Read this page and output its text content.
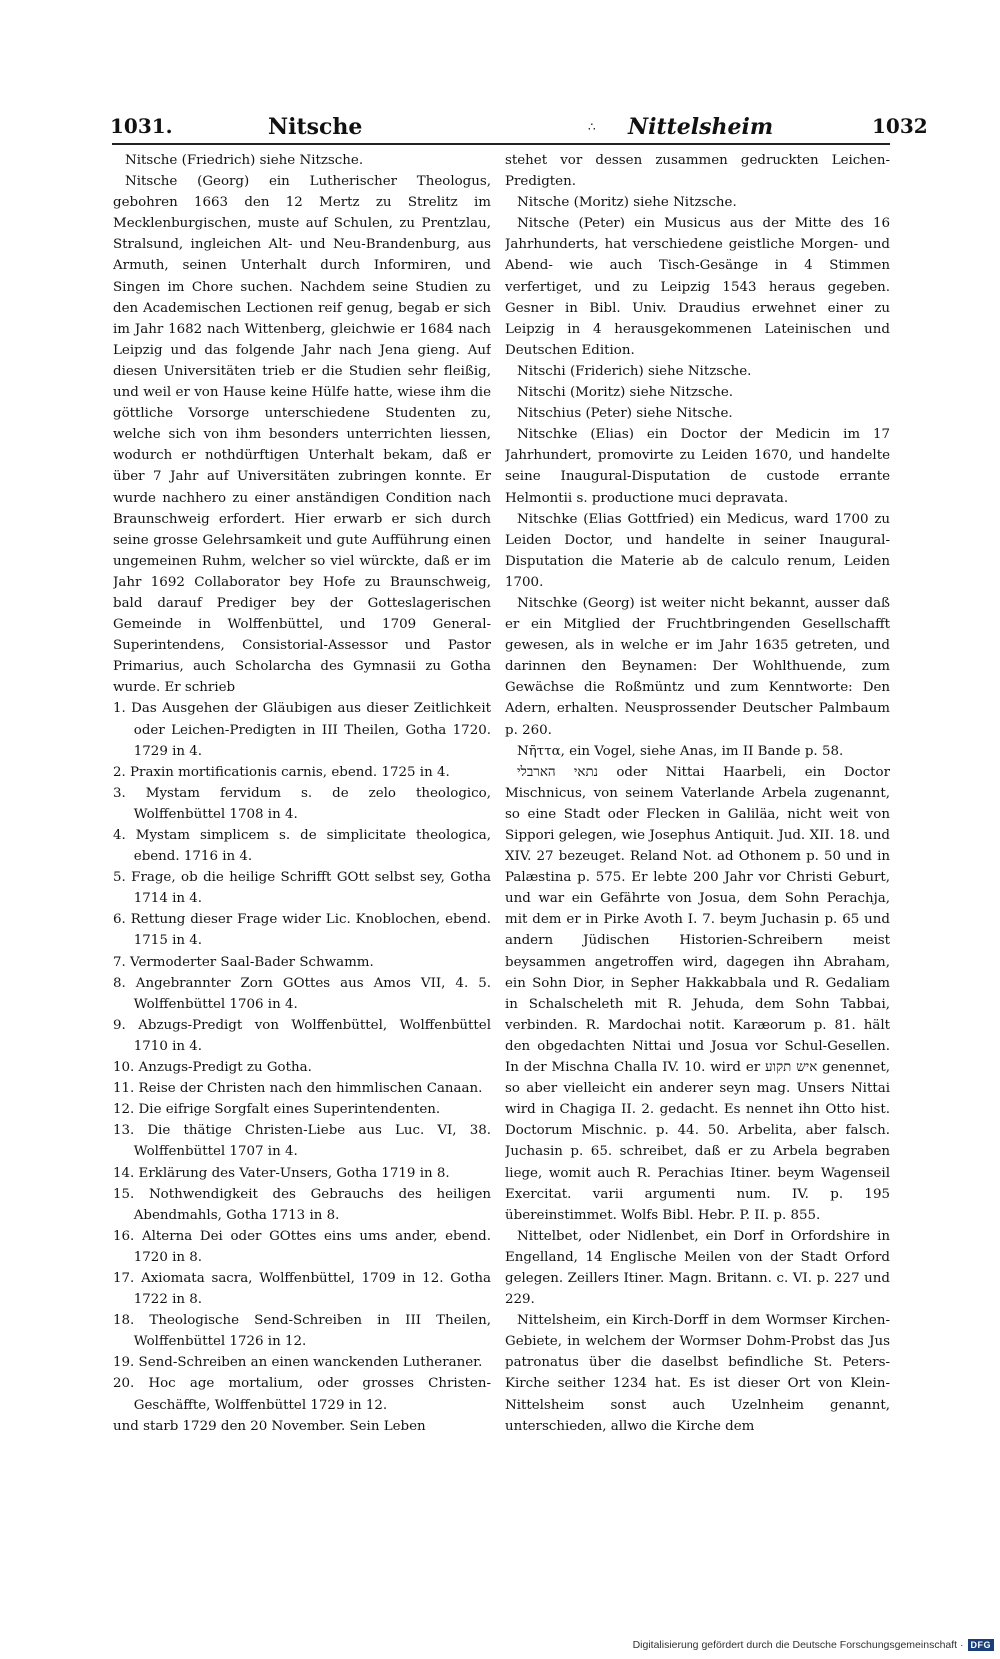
1031.	Nitsche	∴ Nittelsheim	1032

Nitsche (Friedrich) siehe Nitzsche.

Nitsche (Georg) ein Lutherischer Theologus, gebohren 1663 den 12 Mertz zu Strelitz im Mecklenburgischen, muste auf Schulen, zu Prentzlau, Stralsund, ingleichen Alt- und Neu-Brandenburg, aus Armuth, seinen Unterhalt durch Informiren, und Singen im Chore suchen. Nachdem seine Studien zu den Academischen Lectionen reif genug, begab er sich im Jahr 1682 nach Wittenberg, gleichwie er 1684 nach Leipzig und das folgende Jahr nach Jena gieng. Auf diesen Universitäten trieb er die Studien sehr fleißig, und weil er von Hause keine Hülfe hatte, wiese ihm die göttliche Vorsorge unterschiedene Studenten zu, welche sich von ihm besonders unterrichten liessen, wodurch er nothdürftigen Unterhalt bekam, daß er über 7 Jahr auf Universitäten zubringen konnte. Er wurde nachhero zu einer anständigen Condition nach Braunschweig erfordert. Hier erwarb er sich durch seine grosse Gelehrsamkeit und gute Aufführung einen ungemeinen Ruhm, welcher so viel würckte, daß er im Jahr 1692 Collaborator bey Hofe zu Braunschweig, bald darauf Prediger bey der Gotteslagerischen Gemeinde in Wolffenbüttel, und 1709 General-Superintendens, Consistorial-Assessor und Pastor Primarius, auch Scholarcha des Gymnasii zu Gotha wurde. Er schrieb

1. Das Ausgehen der Gläubigen aus dieser Zeitlichkeit oder Leichen-Predigten in III Theilen, Gotha 1720. 1729 in 4.

2. Praxin mortificationis carnis, ebend. 1725 in 4.

3. Mystam fervidum s. de zelo theologico, Wolffenbüttel 1708 in 4.

4. Mystam simplicem s. de simplicitate theologica, ebend. 1716 in 4.

5. Frage, ob die heilige Schrifft GOtt selbst sey, Gotha 1714 in 4.

6. Rettung dieser Frage wider Lic. Knoblochen, ebend. 1715 in 4.

7. Vermoderter Saal-Bader Schwamm.

8. Angebrannter Zorn GOttes aus Amos VII, 4. 5. Wolffenbüttel 1706 in 4.

9. Abzugs-Predigt von Wolffenbüttel, Wolffenbüttel 1710 in 4.

10. Anzugs-Predigt zu Gotha.

11. Reise der Christen nach den himmlischen Canaan.

12. Die eifrige Sorgfalt eines Superintendenten.

13. Die thätige Christen-Liebe aus Luc. VI, 38. Wolffenbüttel 1707 in 4.

14. Erklärung des Vater-Unsers, Gotha 1719 in 8.

15. Nothwendigkeit des Gebrauchs des heiligen Abendmahls, Gotha 1713 in 8.

16. Alterna Dei oder GOttes eins ums ander, ebend. 1720 in 8.

17. Axiomata sacra, Wolffenbüttel, 1709 in 12. Gotha 1722 in 8.

18. Theologische Send-Schreiben in III Theilen, Wolffenbüttel 1726 in 12.

19. Send-Schreiben an einen wanckenden Lutheraner.

20. Hoc age mortalium, oder grosses Christen-Geschäffte, Wolffenbüttel 1729 in 12.

und starb 1729 den 20 November. Sein Leben

stehet vor dessen zusammen gedruckten Leichen-Predigten.

Nitsche (Moritz) siehe Nitzsche.

Nitsche (Peter) ein Musicus aus der Mitte des 16 Jahrhunderts, hat verschiedene geistliche Morgen- und Abend- wie auch Tisch-Gesänge in 4 Stimmen verfertiget, und zu Leipzig 1543 heraus gegeben. Gesner in Bibl. Univ. Draudius erwehnet einer zu Leipzig in 4 herausgekommenen Lateinischen und Deutschen Edition.

Nitschi (Friderich) siehe Nitzsche.

Nitschi (Moritz) siehe Nitzsche.

Nitschius (Peter) siehe Nitsche.

Nitschke (Elias) ein Doctor der Medicin im 17 Jahrhundert, promovirte zu Leiden 1670, und handelte seine Inaugural-Disputation de custode errante Helmontii s. productione muci depravata.

Nitschke (Elias Gottfried) ein Medicus, ward 1700 zu Leiden Doctor, und handelte in seiner Inaugural-Disputation die Materie ab de calculo renum, Leiden 1700.

Nitschke (Georg) ist weiter nicht bekannt, ausser daß er ein Mitglied der Fruchtbringenden Gesellschafft gewesen, als in welche er im Jahr 1635 getreten, und darinnen den Beynamen: Der Wohlthuende, zum Gewächse die Roßmüntz und zum Kenntworte: Den Adern, erhalten. Neusprossender Deutscher Palmbaum p. 260.

Νῆττα, ein Vogel, siehe Anas, im II Bande p. 58.

נתאי הארבלי oder Nittai Haarbeli, ein Doctor Mischnicus, von seinem Vaterlande Arbela zugenannt, so eine Stadt oder Flecken in Galiläa, nicht weit von Sippori gelegen, wie Josephus Antiquit. Jud. XII. 18. und XIV. 27 bezeuget. Reland Not. ad Othonem p. 50 und in Palæstina p. 575. Er lebte 200 Jahr vor Christi Geburt, und war ein Gefährte von Josua, dem Sohn Perachja, mit dem er in Pirke Avoth I. 7. beym Juchasin p. 65 und andern Jüdischen Historien-Schreibern meist beysammen angetroffen wird, dagegen ihn Abraham, ein Sohn Dior, in Sepher Hakkabbala und R. Gedaliam in Schalscheleth mit R. Jehuda, dem Sohn Tabbai, verbinden. R. Mardochai notit. Karæorum p. 81. hält den obgedachten Nittai und Josua vor Schul-Gesellen. In der Mischna Challa IV. 10. wird er איש תקוע genennet, so aber vielleicht ein anderer seyn mag. Unsers Nittai wird in Chagiga II. 2. gedacht. Es nennet ihn Otto hist. Doctorum Mischnic. p. 44. 50. Arbelita, aber falsch. Juchasin p. 65. schreibet, daß er zu Arbela begraben liege, womit auch R. Perachias Itiner. beym Wagenseil Exercitat. varii argumenti num. IV. p. 195 übereinstimmet. Wolfs Bibl. Hebr. P. II. p. 855.

Nittelbet, oder Nidlenbet, ein Dorf in Orfordshire in Engelland, 14 Englische Meilen von der Stadt Orford gelegen. Zeillers Itiner. Magn. Britann. c. VI. p. 227 und 229.

Nittelsheim, ein Kirch-Dorff in dem Wormser Kirchen-Gebiete, in welchem der Wormser Dohm-Probst das Jus patronatus über die daselbst befindliche St. Peters-Kirche seither 1234 hat. Es ist dieser Ort von Klein-Nittelsheim sonst auch Uzelnheim genannt, unterschieden, allwo die Kirche dem

Digitalisierung gefördert durch die Deutsche Forschungsgemeinschaft · DFG
